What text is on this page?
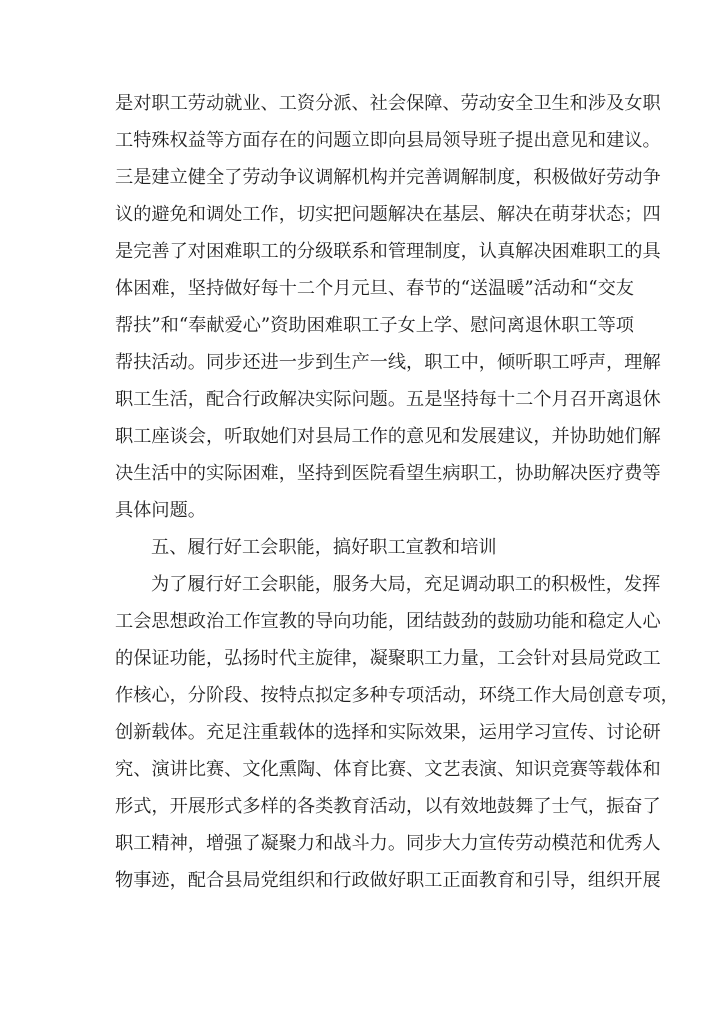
是对职工劳动就业、工资分派、社会保障、劳动安全卫生和涉及女职
工特殊权益等方面存在的问题立即向县局领导班子提出意见和建议。
三是建立健全了劳动争议调解机构并完善调解制度，积极做好劳动争
议的避免和调处工作，切实把问题解决在基层、解决在萌芽状态；四
是完善了对困难职工的分级联系和管理制度，认真解决困难职工的具
体困难，坚持做好每十二个月元旦、春节的“送温暖”活动和“交友
帮扶”和“奉献爱心”资助困难职工子女上学、慰问离退休职工等项
帮扶活动。同步还进一步到生产一线，职工中，倾听职工呼声，理解
职工生活，配合行政解决实际问题。五是坚持每十二个月召开离退休
职工座谈会，听取她们对县局工作的意见和发展建议，并协助她们解
决生活中的实际困难，坚持到医院看望生病职工，协助解决医疗费等
具体问题。
五、履行好工会职能，搞好职工宣教和培训
为了履行好工会职能，服务大局，充足调动职工的积极性，发挥
工会思想政治工作宣教的导向功能，团结鼓劲的鼓励功能和稳定人心
的保证功能，弘扬时代主旋律，凝聚职工力量，工会针对县局党政工
作核心，分阶段、按特点拟定多种专项活动，环绕工作大局创意专项，
创新载体。充足注重载体的选择和实际效果，运用学习宣传、讨论研
究、演讲比赛、文化熏陶、体育比赛、文艺表演、知识竞赛等载体和
形式，开展形式多样的各类教育活动，以有效地鼓舞了士气，振奋了
职工精神，增强了凝聚力和战斗力。同步大力宣传劳动模范和优秀人
物事迹，配合县局党组织和行政做好职工正面教育和引导，组织开展
